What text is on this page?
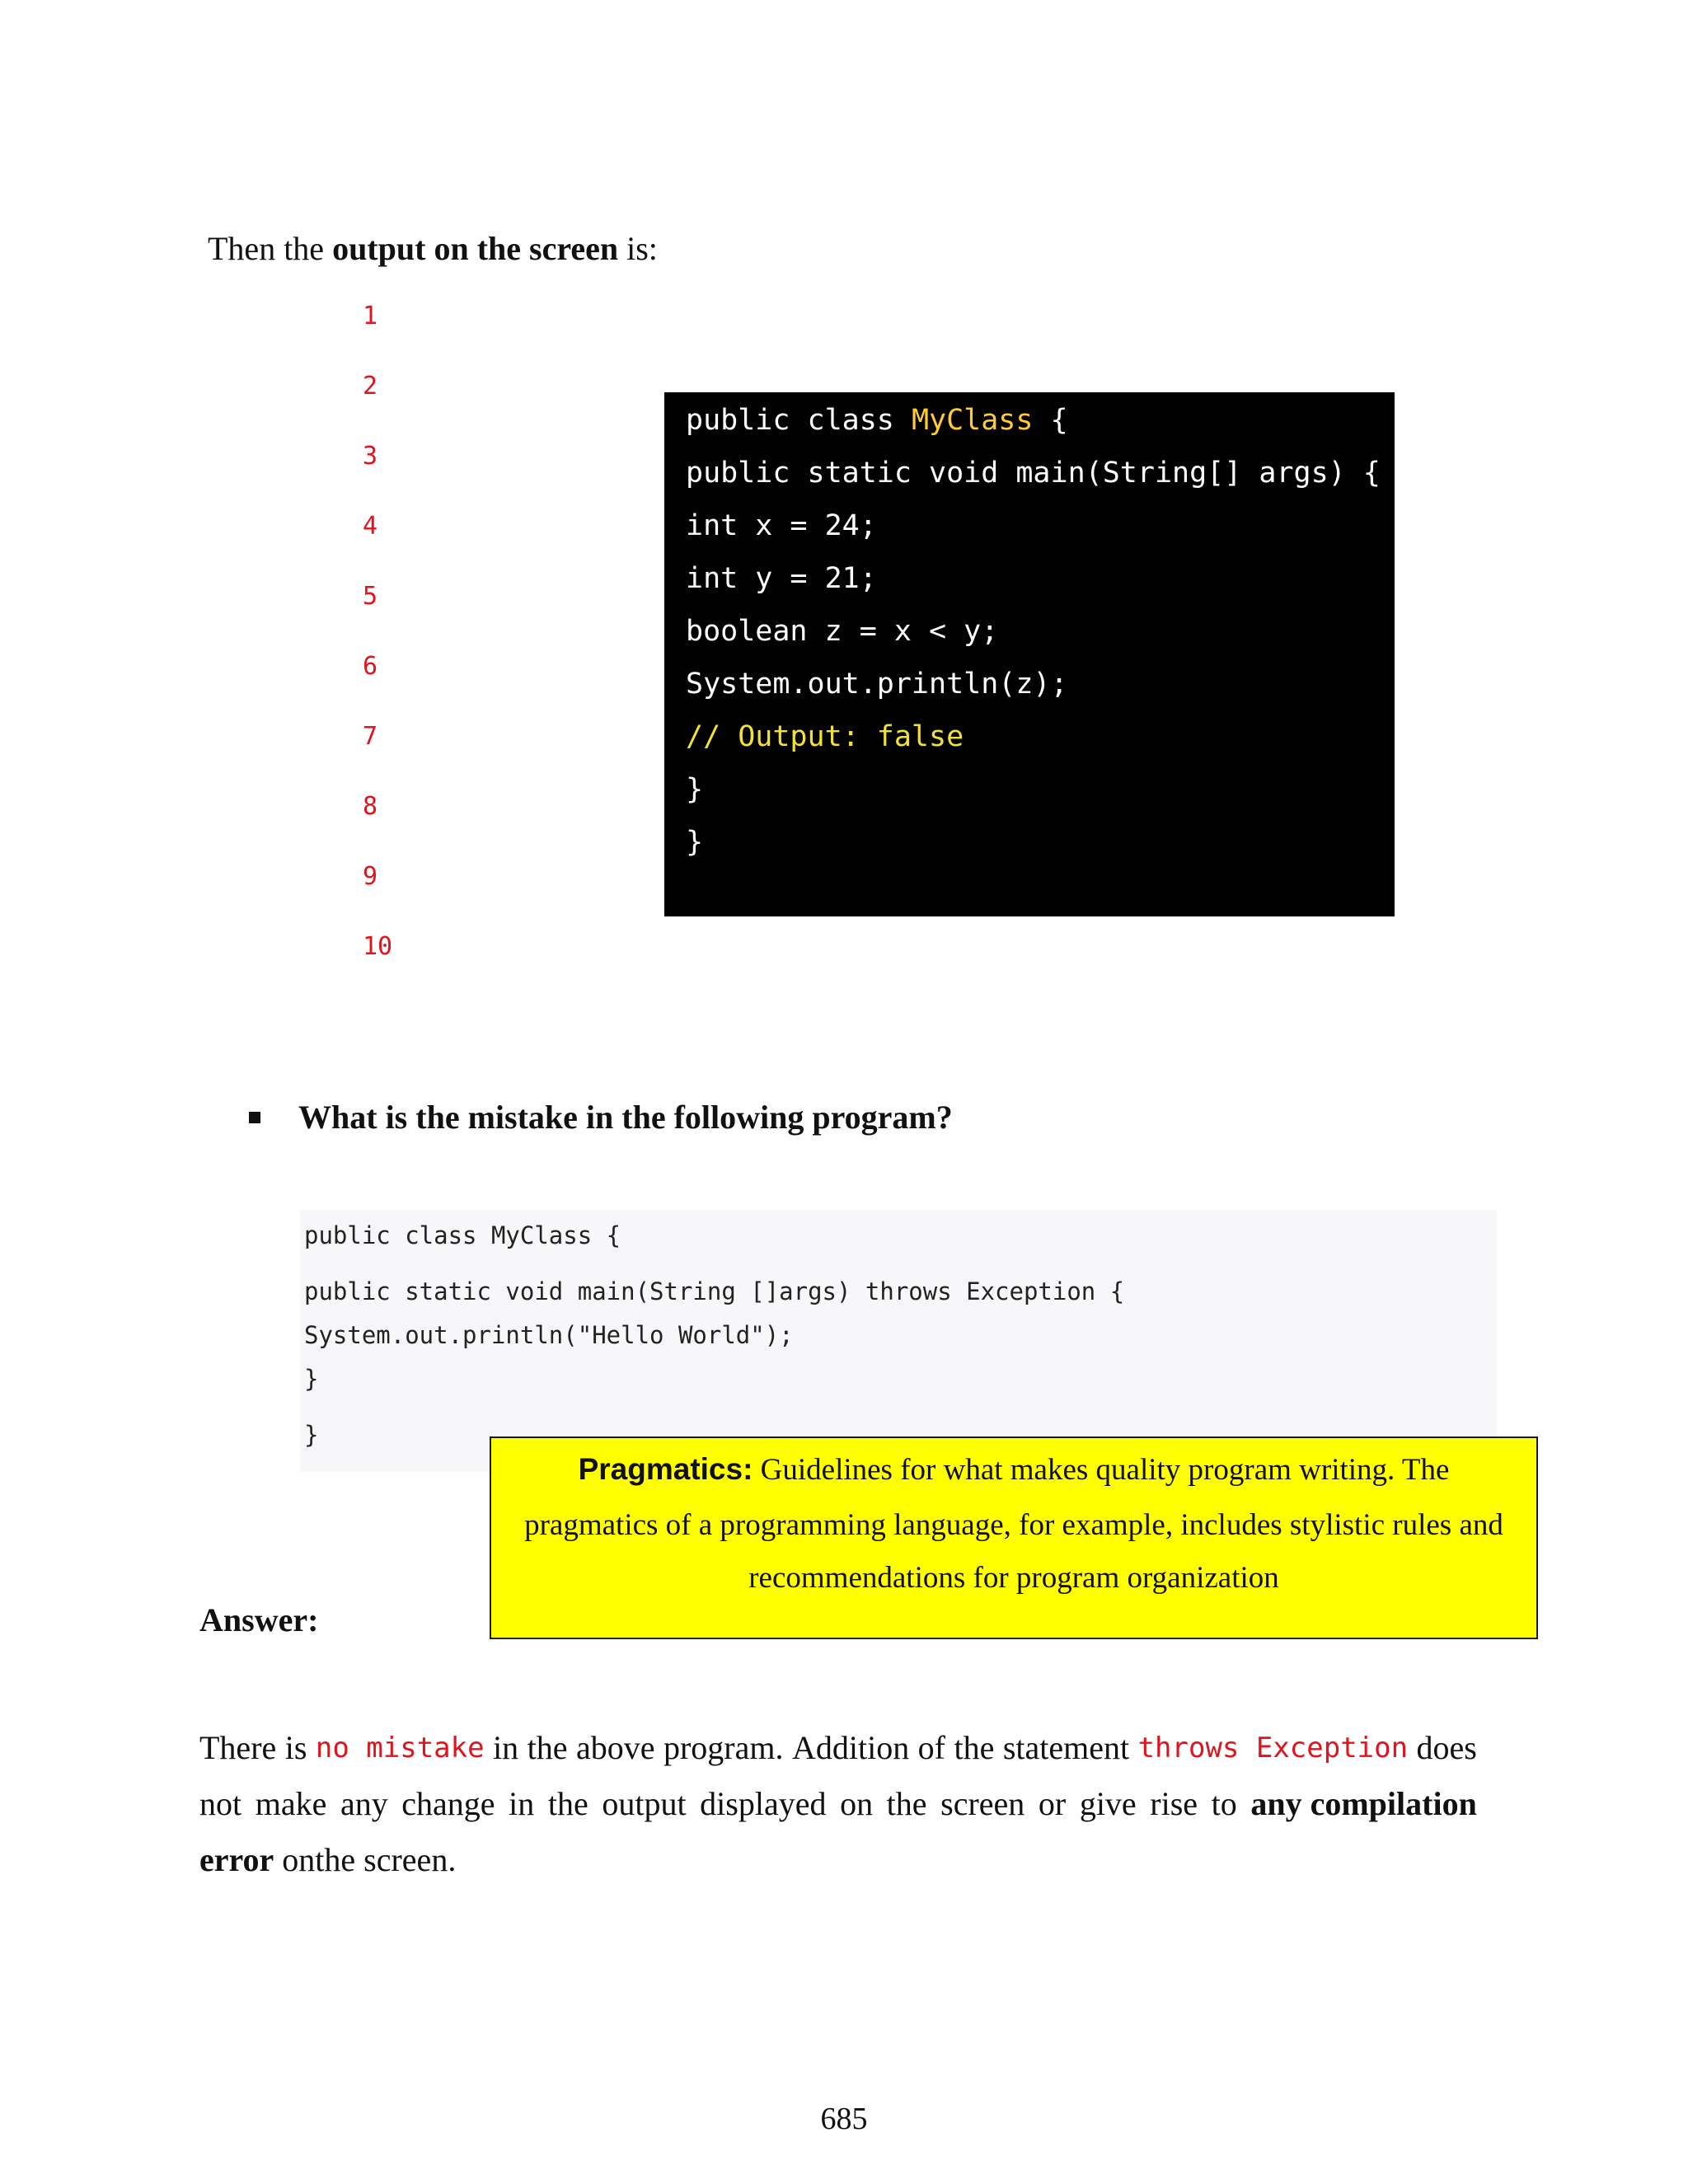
Then the output on the screen is:
1
2
3
4
5
6
7
8
9
10
public class MyClass {
public static void main(String[] args) {
int x = 24;
int y = 21;
boolean z = x < y;
System.out.println(z);
// Output: false
}
}
What is the mistake in the following program?
public class MyClass {
public static void main(String []args) throws Exception {
System.out.println("Hello World");
}
}
Pragmatics: Guidelines for what makes quality program writing. The
pragmatics of a programming language, for example, includes stylistic rules and
recommendations for program organization
Answer:
There is no mistake in the above program. Addition of the statement throws Exception does
not make any change in the output displayed on the screen or give rise to any compilation
error onthe screen.
685
